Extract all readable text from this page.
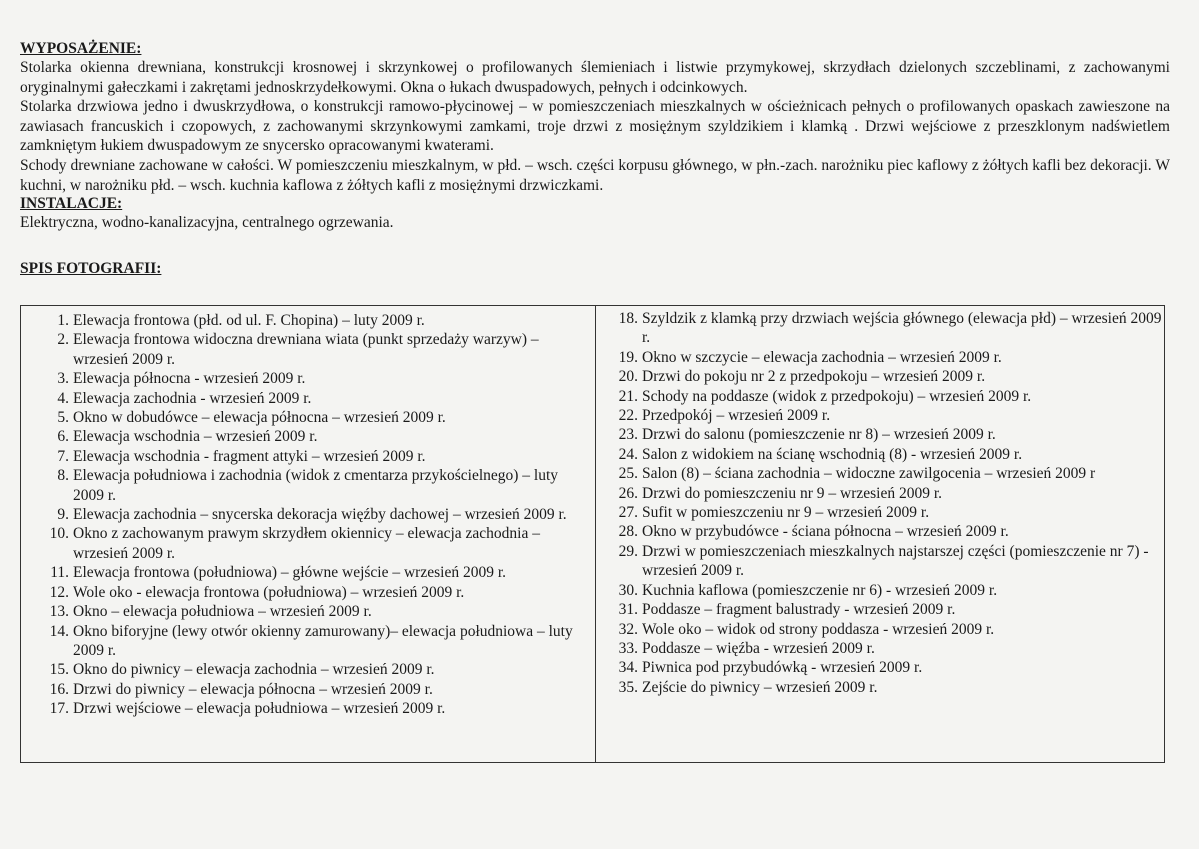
WYPOSAŻENIE:
Stolarka okienna drewniana, konstrukcji krosnowej i skrzynkowej o profilowanych ślemieniach i listwie przymykowej, skrzydłach dzielonych szczeblinami, z zachowanymi oryginalnymi gałeczkami i zakrętami jednoskrzydełkowymi. Okna o łukach dwuspadowych, pełnych i odcinkowych.
Stolarka drzwiowa jedno i dwuskrzydłowa, o konstrukcji ramowo-płycinowej – w pomieszczeniach mieszkalnych w ościeżnicach pełnych o profilowanych opaskach zawieszone na zawiasach francuskich i czopowych, z zachowanymi skrzynkowymi zamkami, troje drzwi z mosiężnym szyldzikiem i klamką . Drzwi wejściowe z przeszklonym nadświetlem zamkniętym łukiem dwuspadowym ze snycersko opracowanymi kwaterami.
Schody drewniane zachowane w całości. W pomieszczeniu mieszkalnym, w płd. – wsch. części korpusu głównego, w płn.-zach. narożniku piec kaflowy z żółtych kafli bez dekoracji. W kuchni, w narożniku płd. – wsch. kuchnia kaflowa z żółtych kafli z mosiężnymi drzwiczkami.
INSTALACJE:
Elektryczna, wodno-kanalizacyjna, centralnego ogrzewania.
SPIS FOTOGRAFII:
1. Elewacja frontowa (płd. od ul. F. Chopina) – luty 2009 r.
2. Elewacja frontowa widoczna drewniana wiata (punkt sprzedaży warzyw) – wrzesień 2009 r.
3. Elewacja północna - wrzesień 2009 r.
4. Elewacja zachodnia - wrzesień 2009 r.
5. Okno w dobudówce – elewacja północna – wrzesień 2009 r.
6. Elewacja wschodnia – wrzesień 2009 r.
7. Elewacja wschodnia - fragment attyki – wrzesień 2009 r.
8. Elewacja południowa i zachodnia (widok z cmentarza przykościelnego) – luty 2009 r.
9. Elewacja zachodnia – snycerska dekoracja więźby dachowej – wrzesień 2009 r.
10. Okno z zachowanym prawym skrzydłem okiennicy – elewacja zachodnia – wrzesień 2009 r.
11. Elewacja frontowa (południowa) – główne wejście – wrzesień 2009 r.
12. Wole oko - elewacja frontowa (południowa) – wrzesień 2009 r.
13. Okno – elewacja południowa – wrzesień 2009 r.
14. Okno biforyjne (lewy otwór okienny zamurowany)– elewacja południowa – luty 2009 r.
15. Okno do piwnicy – elewacja zachodnia – wrzesień 2009 r.
16. Drzwi do piwnicy – elewacja północna – wrzesień 2009 r.
17. Drzwi wejściowe – elewacja południowa – wrzesień 2009 r.
18. Szyldzik z klamką przy drzwiach wejścia głównego (elewacja płd) – wrzesień 2009 r.
19. Okno w szczycie – elewacja zachodnia – wrzesień 2009 r.
20. Drzwi do pokoju nr 2 z przedpokoju – wrzesień 2009 r.
21. Schody na poddasze (widok z przedpokoju) – wrzesień 2009 r.
22. Przedpokój – wrzesień 2009 r.
23. Drzwi do salonu (pomieszczenie nr 8) – wrzesień 2009 r.
24. Salon z widokiem na ścianę wschodnią (8) - wrzesień 2009 r.
25. Salon (8) – ściana zachodnia – widoczne zawilgocenia – wrzesień 2009 r
26. Drzwi do pomieszczeniu nr 9 – wrzesień 2009 r.
27. Sufit w pomieszczeniu nr 9 – wrzesień 2009 r.
28. Okno w przybudówce - ściana północna – wrzesień 2009 r.
29. Drzwi w pomieszczeniach mieszkalnych najstarszej części (pomieszczenie nr 7) - wrzesień 2009 r.
30. Kuchnia kaflowa (pomieszczenie nr 6) - wrzesień 2009 r.
31. Poddasze – fragment balustrady - wrzesień 2009 r.
32. Wole oko – widok od strony poddasza - wrzesień 2009 r.
33. Poddasze – więźba - wrzesień 2009 r.
34. Piwnica pod przybudówką - wrzesień 2009 r.
35. Zejście do piwnicy – wrzesień 2009 r.
